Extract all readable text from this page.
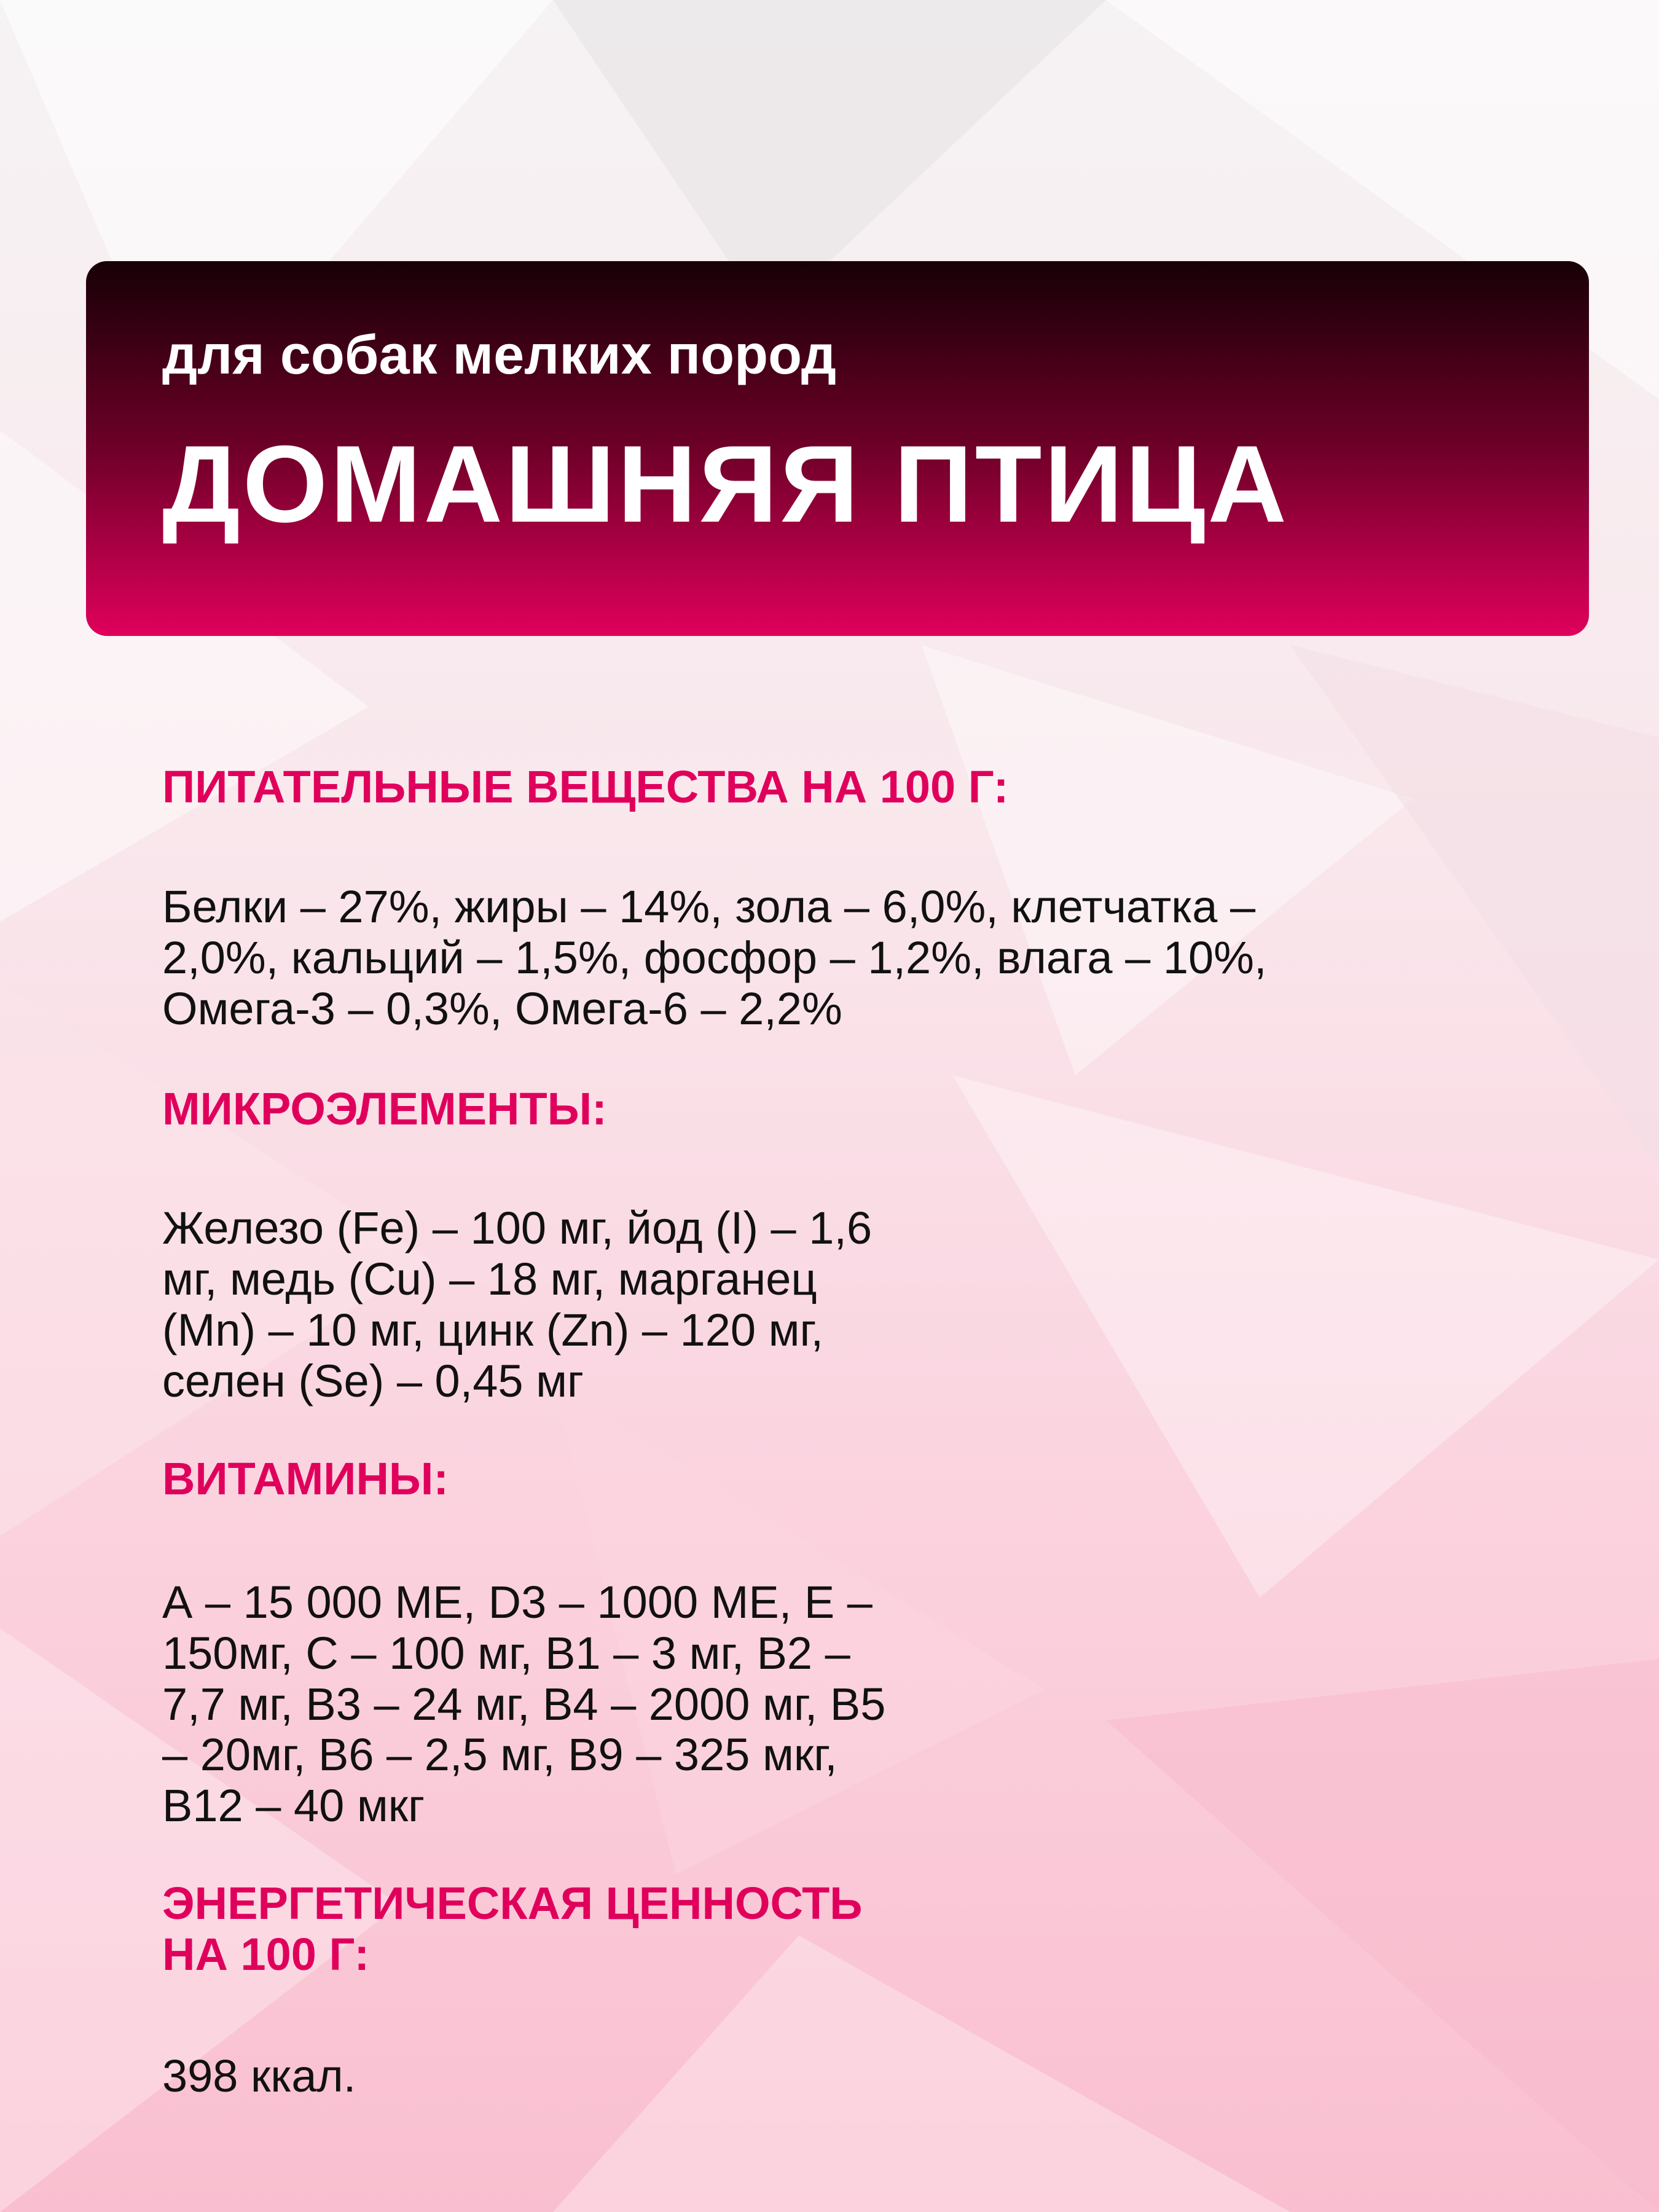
для собак мелких пород
ДОМАШНЯЯ ПТИЦА
ПИТАТЕЛЬНЫЕ ВЕЩЕСТВА НА 100 Г:

Белки – 27%, жиры – 14%, зола – 6,0%, клетчатка –
2,0%, кальций – 1,5%, фосфор – 1,2%, влага – 10%,
Омега-3 – 0,3%, Омега-6 – 2,2%

МИКРОЭЛЕМЕНТЫ:

Железо (Fe) – 100 мг, йод (I) – 1,6
мг, медь (Cu) – 18 мг, марганец
(Mn) – 10 мг, цинк (Zn) – 120 мг,
селен (Se) – 0,45 мг

ВИТАМИНЫ:

А – 15 000 МЕ, D3 – 1000 МЕ, Е –
150мг, С – 100 мг, В1 – 3 мг, В2 –
7,7 мг, В3 – 24 мг, В4 – 2000 мг, В5
– 20мг, В6 – 2,5 мг, В9 – 325 мкг,
В12 – 40 мкг

ЭНЕРГЕТИЧЕСКАЯ ЦЕННОСТЬ
НА 100 Г:

398 ккал.
